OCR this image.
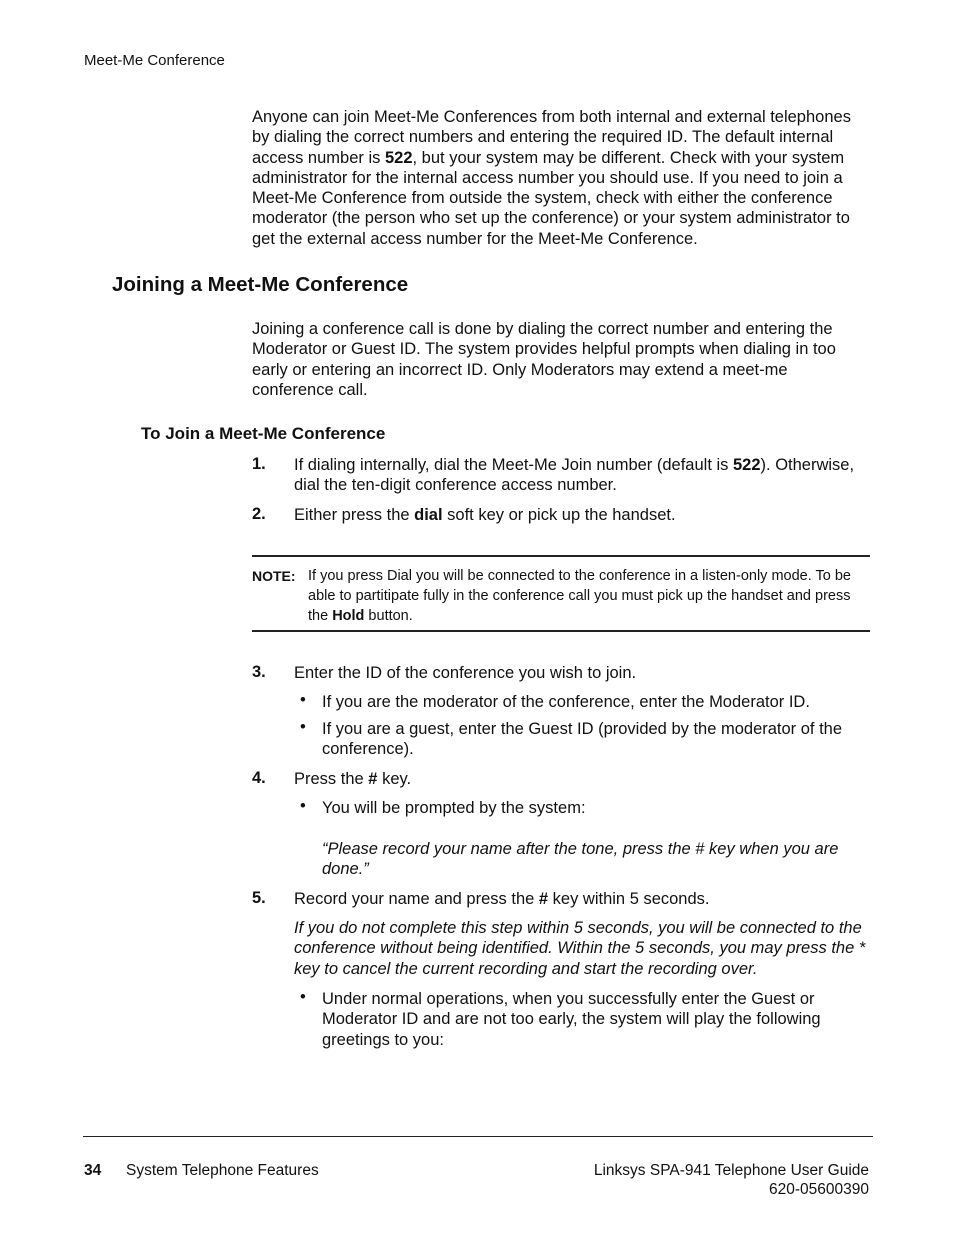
Meet-Me Conference
Anyone can join Meet-Me Conferences from both internal and external telephones by dialing the correct numbers and entering the required ID. The default internal access number is 522, but your system may be different. Check with your system administrator for the internal access number you should use. If you need to join a Meet-Me Conference from outside the system, check with either the conference moderator (the person who set up the conference) or your system administrator to get the external access number for the Meet-Me Conference.
Joining a Meet-Me Conference
Joining a conference call is done by dialing the correct number and entering the Moderator or Guest ID. The system provides helpful prompts when dialing in too early or entering an incorrect ID. Only Moderators may extend a meet-me conference call.
To Join a Meet-Me Conference
1. If dialing internally, dial the Meet-Me Join number (default is 522). Otherwise, dial the ten-digit conference access number.
2. Either press the dial soft key or pick up the handset.
NOTE: If you press Dial you will be connected to the conference in a listen-only mode. To be able to partitipate fully in the conference call you must pick up the handset and press the Hold button.
3. Enter the ID of the conference you wish to join.
• If you are the moderator of the conference, enter the Moderator ID.
• If you are a guest, enter the Guest ID (provided by the moderator of the conference).
4. Press the # key.
• You will be prompted by the system:
“Please record your name after the tone, press the # key when you are done.”
5. Record your name and press the # key within 5 seconds.
If you do not complete this step within 5 seconds, you will be connected to the conference without being identified. Within the 5 seconds, you may press the * key to cancel the current recording and start the recording over.
• Under normal operations, when you successfully enter the Guest or Moderator ID and are not too early, the system will play the following greetings to you:
34 System Telephone Features	Linksys SPA-941 Telephone User Guide
620-05600390
